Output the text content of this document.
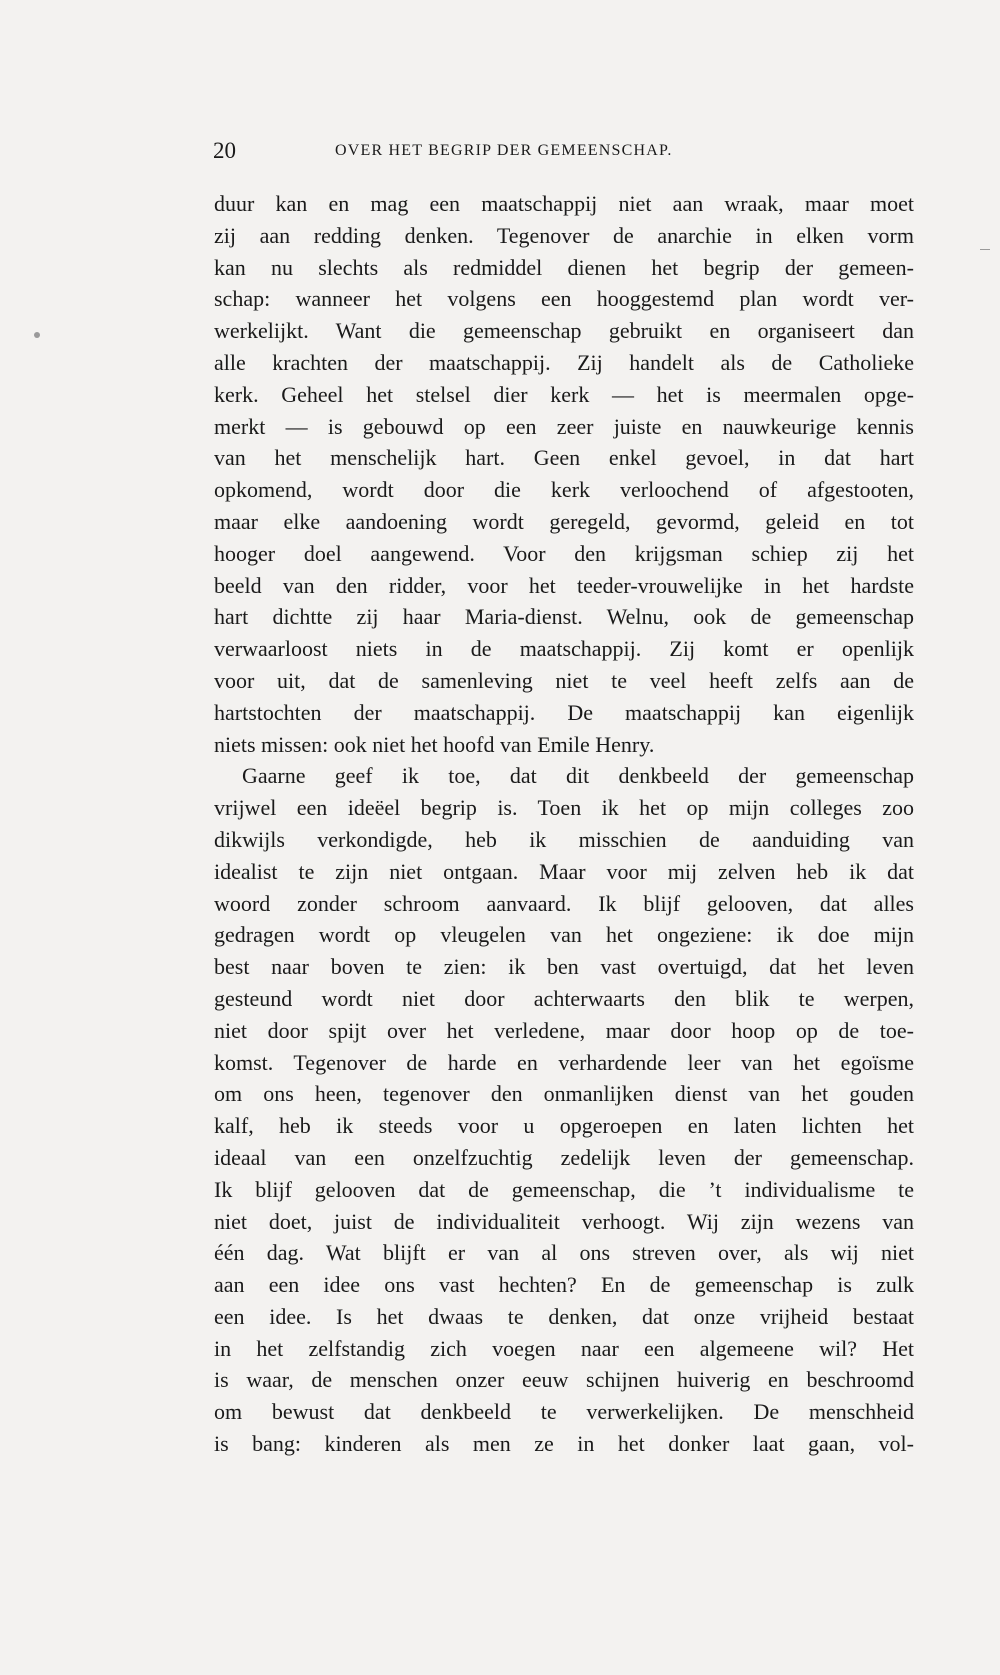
20	OVER HET BEGRIP DER GEMEENSCHAP.
duur kan en mag een maatschappij niet aan wraak, maar moet
zij aan redding denken. Tegenover de anarchie in elken vorm
kan nu slechts als redmiddel dienen het begrip der gemeen-
schap: wanneer het volgens een hooggestemd plan wordt ver-
werkelijkt. Want die gemeenschap gebruikt en organiseert dan
alle krachten der maatschappij. Zij handelt als de Catholieke
kerk. Geheel het stelsel dier kerk — het is meermalen opge-
merkt — is gebouwd op een zeer juiste en nauwkeurige kennis
van het menschelijk hart. Geen enkel gevoel, in dat hart
opkomend, wordt door die kerk verloochend of afgestooten,
maar elke aandoening wordt geregeld, gevormd, geleid en tot
hooger doel aangewend. Voor den krijgsman schiep zij het
beeld van den ridder, voor het teeder-vrouwelijke in het hardste
hart dichtte zij haar Maria-dienst. Welnu, ook de gemeenschap
verwaarloost niets in de maatschappij. Zij komt er openlijk
voor uit, dat de samenleving niet te veel heeft zelfs aan de
hartstochten der maatschappij. De maatschappij kan eigenlijk
niets missen: ook niet het hoofd van Emile Henry.
Gaarne geef ik toe, dat dit denkbeeld der gemeenschap
vrijwel een ideëel begrip is. Toen ik het op mijn colleges zoo
dikwijls verkondigde, heb ik misschien de aanduiding van
idealist te zijn niet ontgaan. Maar voor mij zelven heb ik dat
woord zonder schroom aanvaard. Ik blijf gelooven, dat alles
gedragen wordt op vleugelen van het ongeziene: ik doe mijn
best naar boven te zien: ik ben vast overtuigd, dat het leven
gesteund wordt niet door achterwaarts den blik te werpen,
niet door spijt over het verledene, maar door hoop op de toe-
komst. Tegenover de harde en verhardende leer van het egoïsme
om ons heen, tegenover den onmanlijken dienst van het gouden
kalf, heb ik steeds voor u opgeroepen en laten lichten het
ideaal van een onzelfzuchtig zedelijk leven der gemeenschap.
Ik blijf gelooven dat de gemeenschap, die ’t individualisme te
niet doet, juist de individualiteit verhoogt. Wij zijn wezens van
één dag. Wat blijft er van al ons streven over, als wij niet
aan een idee ons vast hechten? En de gemeenschap is zulk
een idee. Is het dwaas te denken, dat onze vrijheid bestaat
in het zelfstandig zich voegen naar een algemeene wil? Het
is waar, de menschen onzer eeuw schijnen huiverig en beschroomd
om bewust dat denkbeeld te verwerkelijken. De menschheid
is bang: kinderen als men ze in het donker laat gaan, vol-
